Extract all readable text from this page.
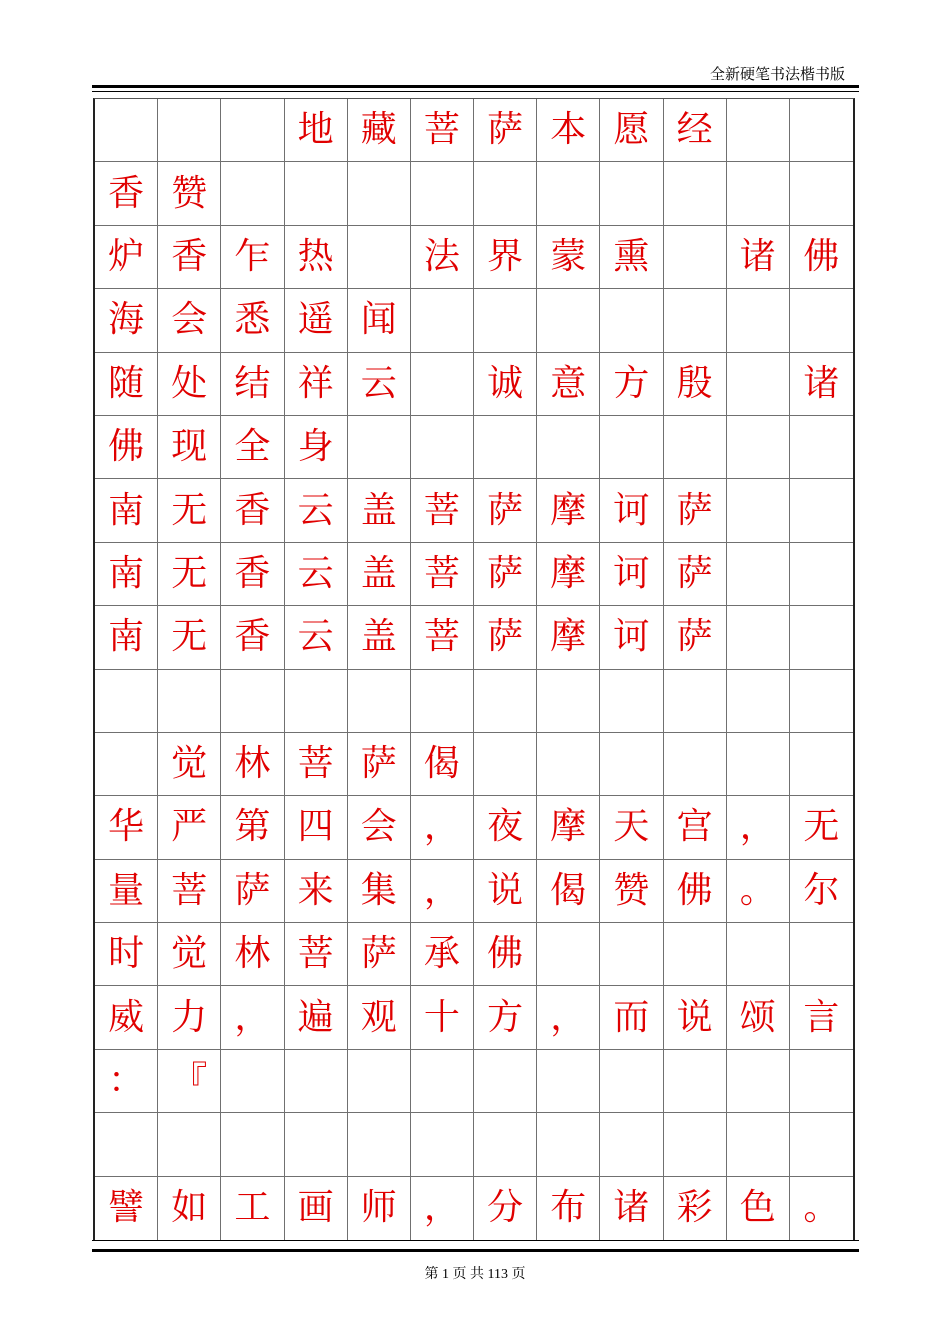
全新硬笔书法楷书版
地 藏 菩 萨 本 愿 经
香 赞
炉 香 乍 热	法 界 蒙 熏	诸 佛
海 会 悉 遥 闻
随 处 结 祥 云	诚 意 方 殷	诸
佛 现 全 身
南 无 香 云 盖 菩 萨 摩 诃 萨
南 无 香 云 盖 菩 萨 摩 诃 萨
南 无 香 云 盖 菩 萨 摩 诃 萨
觉 林 菩 萨 偈
华 严 第 四 会 ， 夜 摩 天 宫 ， 无
量 菩 萨 来 集 ， 说 偈 赞 佛 。 尔
时 觉 林 菩 萨 承 佛
威 力 ， 遍 观 十 方 ， 而 说 颂 言
： 『
譬 如 工 画 师 ， 分 布 诸 彩 色 。
第 1 页 共 113 页
